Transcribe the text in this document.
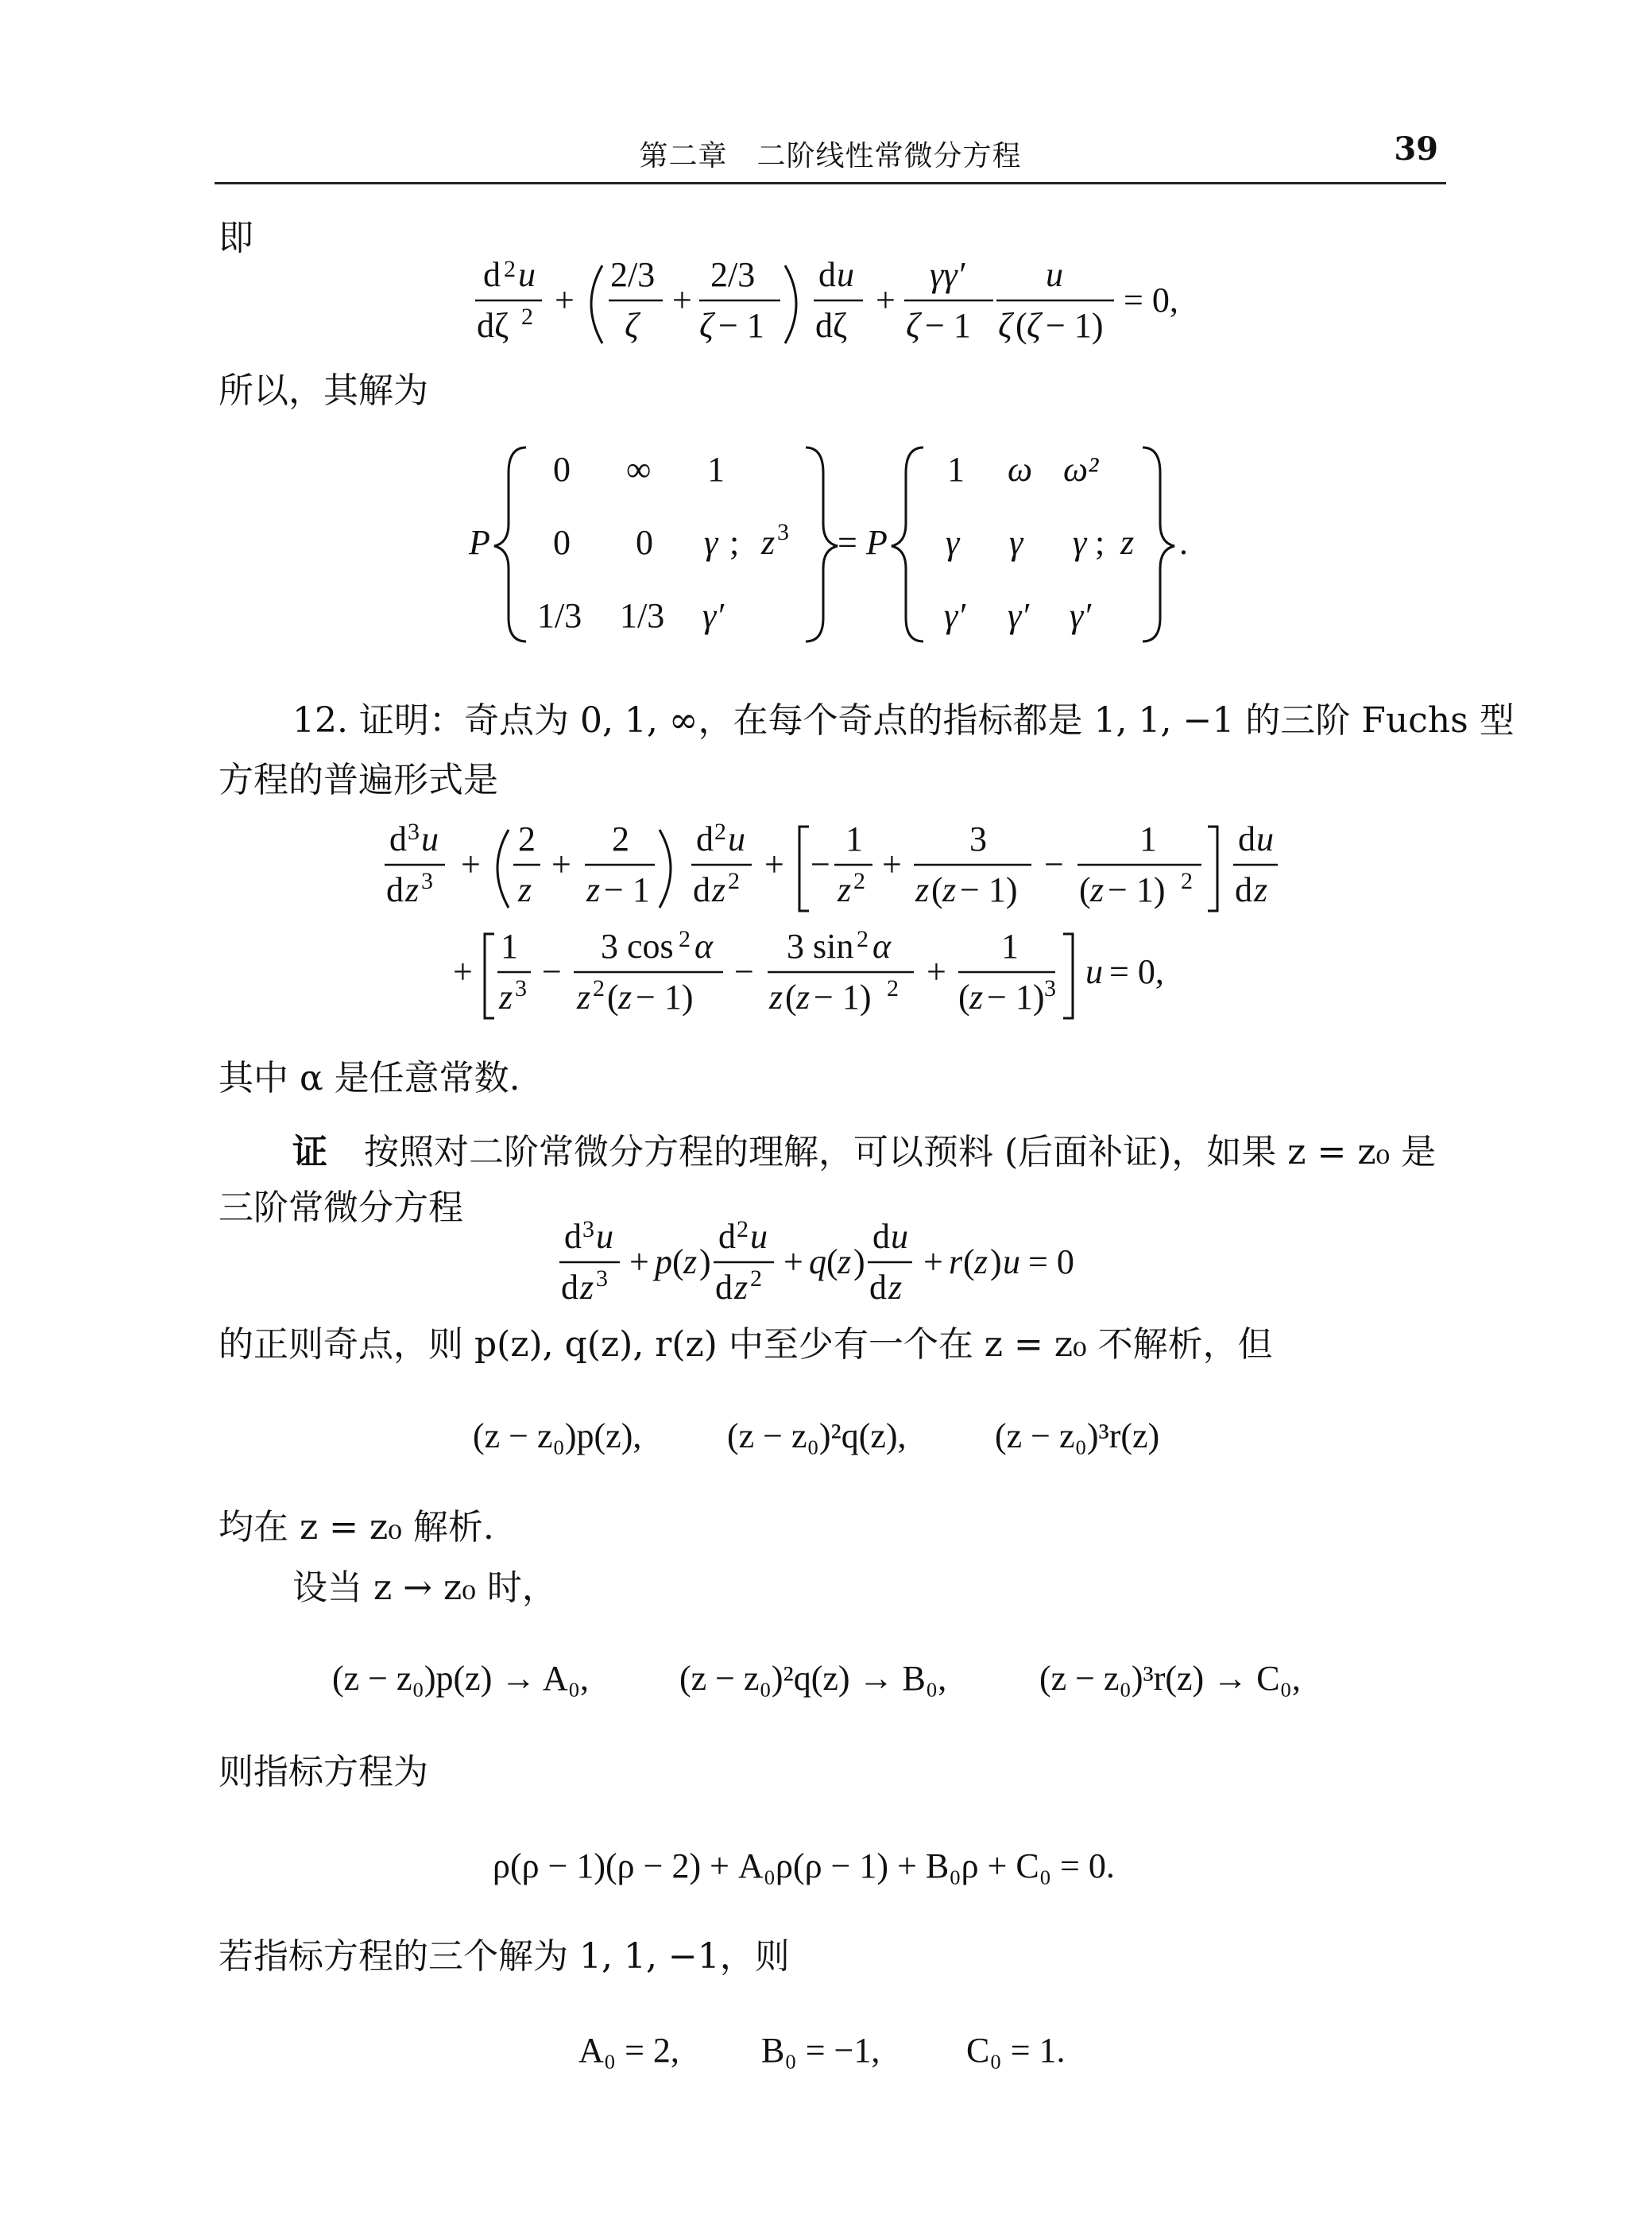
第二章　二阶线性常微分方程	39
即
d 2 u
dζ 2 +
2/3
ζ
+
2/3
ζ − 1
d u
dζ
+
γγ′
ζ − 1
u
ζ ( ζ − 1)
= 0,
所以，其解为
P
0 ∞ 1
0 0 γ ; z 3
1/3 1/3 γ′
= P
1 ω ω²
γ γ γ ; z
γ′ γ′ γ′
.
12. 证明：奇点为 0, 1, ∞，在每个奇点的指标都是 1, 1, −1 的三阶 Fuchs 型
方程的普遍形式是
d 3 u
d z 3 +
2
z
+
2
z − 1
d 2 u
d z 2 + −
1
z 2 +
3
z ( z − 1)
−
1
( z − 1) 2
d u
d z
+
1
z 3 −
3 cos 2 α
z 2 ( z − 1)
−
3 sin 2 α
z ( z − 1) 2 +
1
( z − 1) 3 u = 0,
其中 α 是任意常数.
证 按照对二阶常微分方程的理解，可以预料 (后面补证)，如果 z = z₀ 是
三阶常微分方程
d 3 u
d z 3 + p ( z )
d 2 u
d z 2 + q ( z )
d u
d z
+ r ( z ) u = 0
的正则奇点，则 p(z), q(z), r(z) 中至少有一个在 z = z₀ 不解析，但
(z − z₀)p(z), (z − z₀)²q(z),	(z − z₀)³r(z)
均在 z = z₀ 解析.
设当 z → z₀ 时，
(z − z₀)p(z) → A₀,	(z − z₀)²q(z) → B₀,	(z − z₀)³r(z) → C₀,
则指标方程为
ρ(ρ − 1)(ρ − 2) + A₀ρ(ρ − 1) + B₀ρ + C₀ = 0.
若指标方程的三个解为 1, 1, −1，则
A₀ = 2, B₀ = −1, C₀ = 1.
